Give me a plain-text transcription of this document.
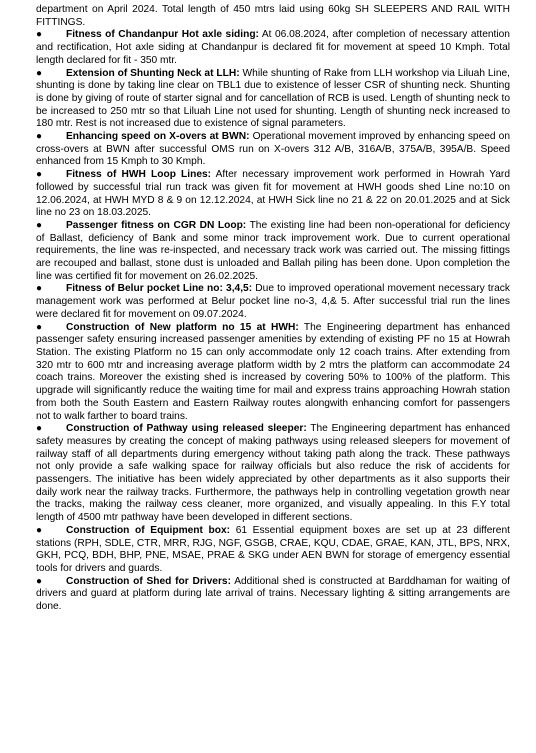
department on April 2024. Total length of 450 mtrs laid using 60kg SH SLEEPERS AND RAIL WITH FITTINGS.

● Fitness of Chandanpur Hot axle siding: At 06.08.2024, after completion of necessary attention and rectification, Hot axle siding at Chandanpur is declared fit for movement at speed 10 Kmph. Total length declared for fit - 350 mtr.

● Extension of Shunting Neck at LLH: While shunting of Rake from LLH workshop via Liluah Line, shunting is done by taking line clear on TBL1 due to existence of lesser CSR of shunting neck. Shunting is done by giving of route of starter signal and for cancellation of RCB is used. Length of shunting neck to be increased to 250 mtr so that Liluah Line not used for shunting. Length of shunting neck increased to 180 mtr. Rest is not increased due to existence of signal parameters.

● Enhancing speed on X-overs at BWN: Operational movement improved by enhancing speed on cross-overs at BWN after successful OMS run on X-overs 312 A/B, 316A/B, 375A/B, 395A/B. Speed enhanced from 15 Kmph to 30 Kmph.

● Fitness of HWH Loop Lines: After necessary improvement work performed in Howrah Yard followed by successful trial run track was given fit for movement at HWH goods shed Line no:10 on 12.06.2024, at HWH MYD 8 & 9 on 12.12.2024, at HWH Sick line no 21 & 22 on 20.01.2025 and at Sick line no 23 on 18.03.2025.

● Passenger fitness on CGR DN Loop: The existing line had been non-operational for deficiency of Ballast, deficiency of Bank and some minor track improvement work. Due to current operational requirements, the line was re-inspected, and necessary track work was carried out. The missing fittings are recouped and ballast, stone dust is unloaded and Ballah piling has been done. Upon completion the line was certified fit for movement on 26.02.2025.

● Fitness of Belur pocket Line no: 3,4,5: Due to improved operational movement necessary track management work was performed at Belur pocket line no-3, 4,& 5. After successful trial run the lines were declared fit for movement on 09.07.2024.

● Construction of New platform no 15 at HWH: The Engineering department has enhanced passenger safety ensuring increased passenger amenities by extending of existing PF no 15 at Howrah Station. The existing Platform no 15 can only accommodate only 12 coach trains. After extending from 320 mtr to 600 mtr and increasing average platform width by 2 mtrs the platform can accommodate 24 coach trains. Moreover the existing shed is increased by covering 50% to 100% of the platform. This upgrade will significantly reduce the waiting time for mail and express trains approaching Howrah station from both the South Eastern and Eastern Railway routes alongwith enhancing comfort for passengers not to walk farther to board trains.

● Construction of Pathway using released sleeper: The Engineering department has enhanced safety measures by creating the concept of making pathways using released sleepers for movement of railway staff of all departments during emergency without taking path along the track. These pathways not only provide a safe walking space for railway officials but also reduce the risk of accidents for passengers. The initiative has been widely appreciated by other departments as it also supports their daily work near the railway tracks. Furthermore, the pathways help in controlling vegetation growth near the tracks, making the railway cess cleaner, more organized, and visually appealing. In this F.Y total length of 4500 mtr pathway have been developed in different sections.

● Construction of Equipment box: 61 Essential equipment boxes are set up at 23 different stations (RPH, SDLE, CTR, MRR, RJG, NGF, GSGB, CRAE, KQU, CDAE, GRAE, KAN, JTL, BPS, NRX, GKH, PCQ, BDH, BHP, PNE, MSAE, PRAE & SKG under AEN BWN for storage of emergency essential tools for drivers and guards.

● Construction of Shed for Drivers: Additional shed is constructed at Barddhaman for waiting of drivers and guard at platform during late arrival of trains. Necessary lighting & sitting arrangements are done.
